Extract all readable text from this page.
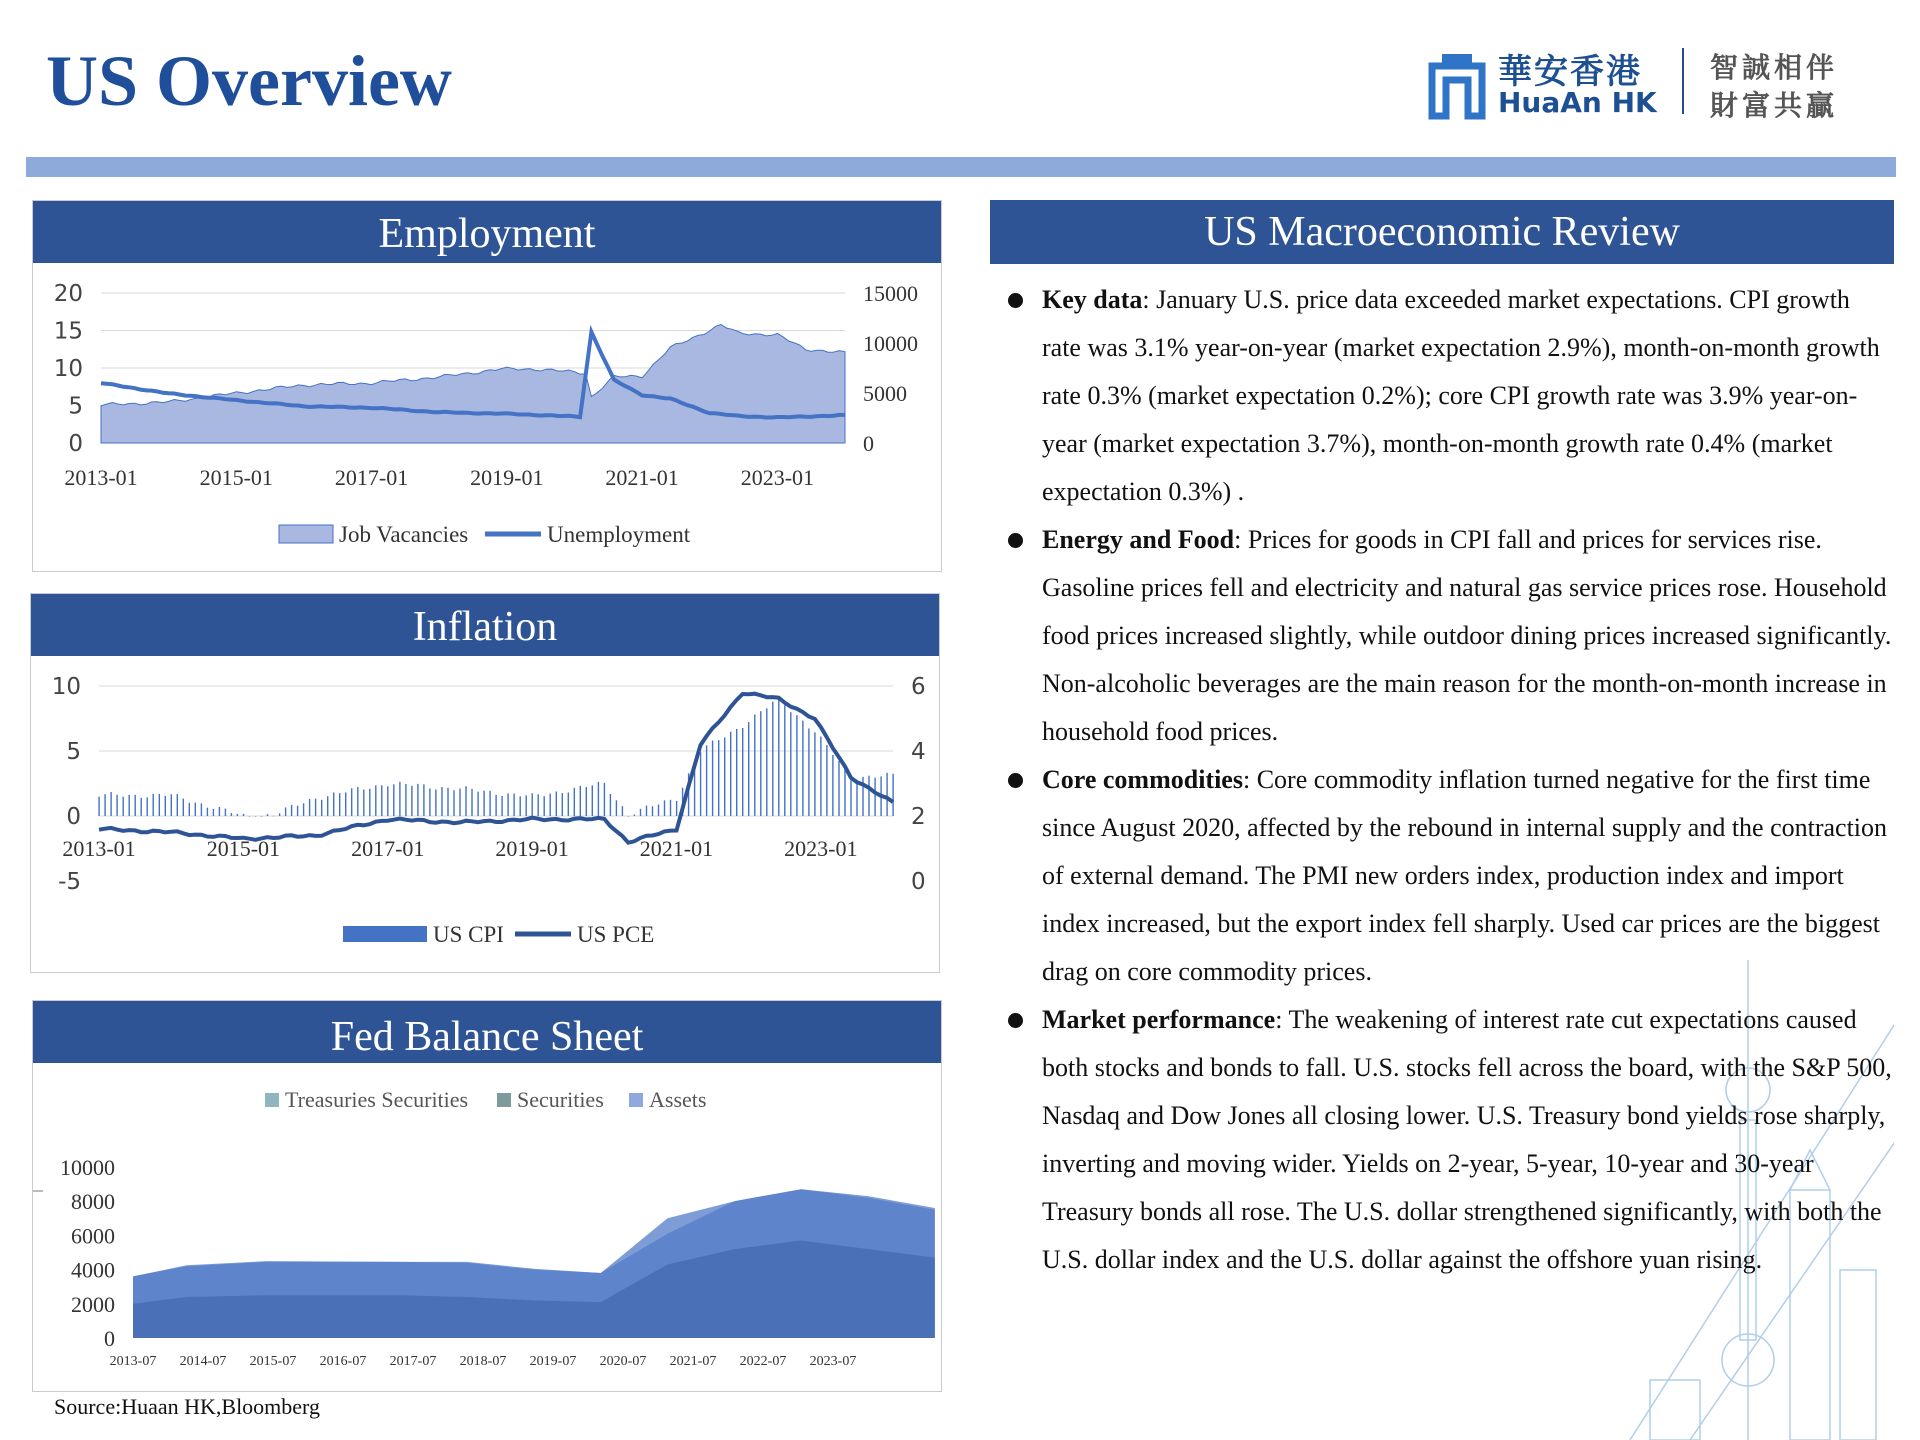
US Overview	華安香港
HuaAn HK
智誠相伴
財富共贏
Employment
0
5
10
15
20
0
5000
10000
15000
2013-01	2015-01	2017-01	2019-01	2021-01	2023-01
Job Vacancies	Unemployment
Inflation
-5
0
5
10
0
2
4
6
2013-01	2015-01	2017-01	2019-01	2021-01	2023-01
US CPI	US PCE
Fed Balance Sheet
0
2000
4000
6000
8000
10000
2013-07 2014-07 2015-07 2016-07 2017-07 2018-07 2019-07 2020-07 2021-07 2022-07 2023-07
Treasuries Securities Securities Assets
US Macroeconomic Review
Key data: January U.S. price data exceeded market expectations. CPI growth rate was 3.1% year-on-year (market expectation 2.9%), month-on-month growth rate 0.3% (market expectation 0.2%); core CPI growth rate was 3.9% year-on-year (market expectation 3.7%), month-on-month growth rate 0.4% (market expectation 0.3%) .
Energy and Food: Prices for goods in CPI fall and prices for services rise. Gasoline prices fell and electricity and natural gas service prices rose. Household food prices increased slightly, while outdoor dining prices increased significantly. Non-alcoholic beverages are the main reason for the month-on-month increase in household food prices.
Core commodities: Core commodity inflation turned negative for the first time since August 2020, affected by the rebound in internal supply and the contraction of external demand. The PMI new orders index, production index and import index increased, but the export index fell sharply. Used car prices are the biggest drag on core commodity prices.
Market performance: The weakening of interest rate cut expectations caused both stocks and bonds to fall. U.S. stocks fell across the board, with the S&P 500, Nasdaq and Dow Jones all closing lower. U.S. Treasury bond yields rose sharply, inverting and moving wider. Yields on 2-year, 5-year, 10-year and 30-year Treasury bonds all rose. The U.S. dollar strengthened significantly, with both the U.S. dollar index and the U.S. dollar against the offshore yuan rising.
Source:Huaan HK,Bloomberg
